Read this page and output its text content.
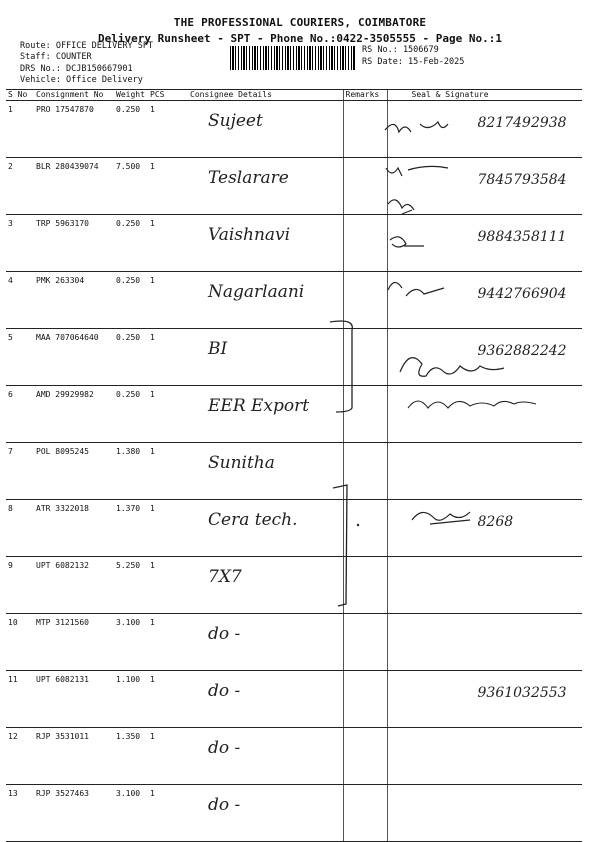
THE PROFESSIONAL COURIERS, COIMBATORE
Delivery Runsheet - SPT - Phone No.:0422-3505555 - Page No.:1
Route: OFFICE DELIVERY SPT
Staff: COUNTER
DRS No.: DCJB150667901
Vehicle: Office Delivery
RS No.: 1506679
RS Date: 15-Feb-2025
S No	Consignment No	Weight	PCS	Consignee Details	Remarks	Seal & Signature
1	PRO 17547870	0.250	1	Sujeet		8217492938
2	BLR 280439074	7.500	1	Teslarare		7845793584
3	TRP 5963170	0.250	1	Vaishnavi		9884358111
4	PMK 263304	0.250	1	Nagarlaani		9442766904
5	MAA 707064640	0.250	1	BI		9362882242
6	AMD 29929982	0.250	1	EER Export		
7	POL 8095245	1.380	1	Sunitha		
8	ATR 3322018	1.370	1	Cera tech.		8268
9	UPT 6082132	5.250	1	7X7		
10	MTP 3121560	3.100	1	do -		
11	UPT 6082131	1.100	1	do -		9361032553
12	RJP 3531011	1.350	1	do -		
13	RJP 3527463	3.100	1	do -		
